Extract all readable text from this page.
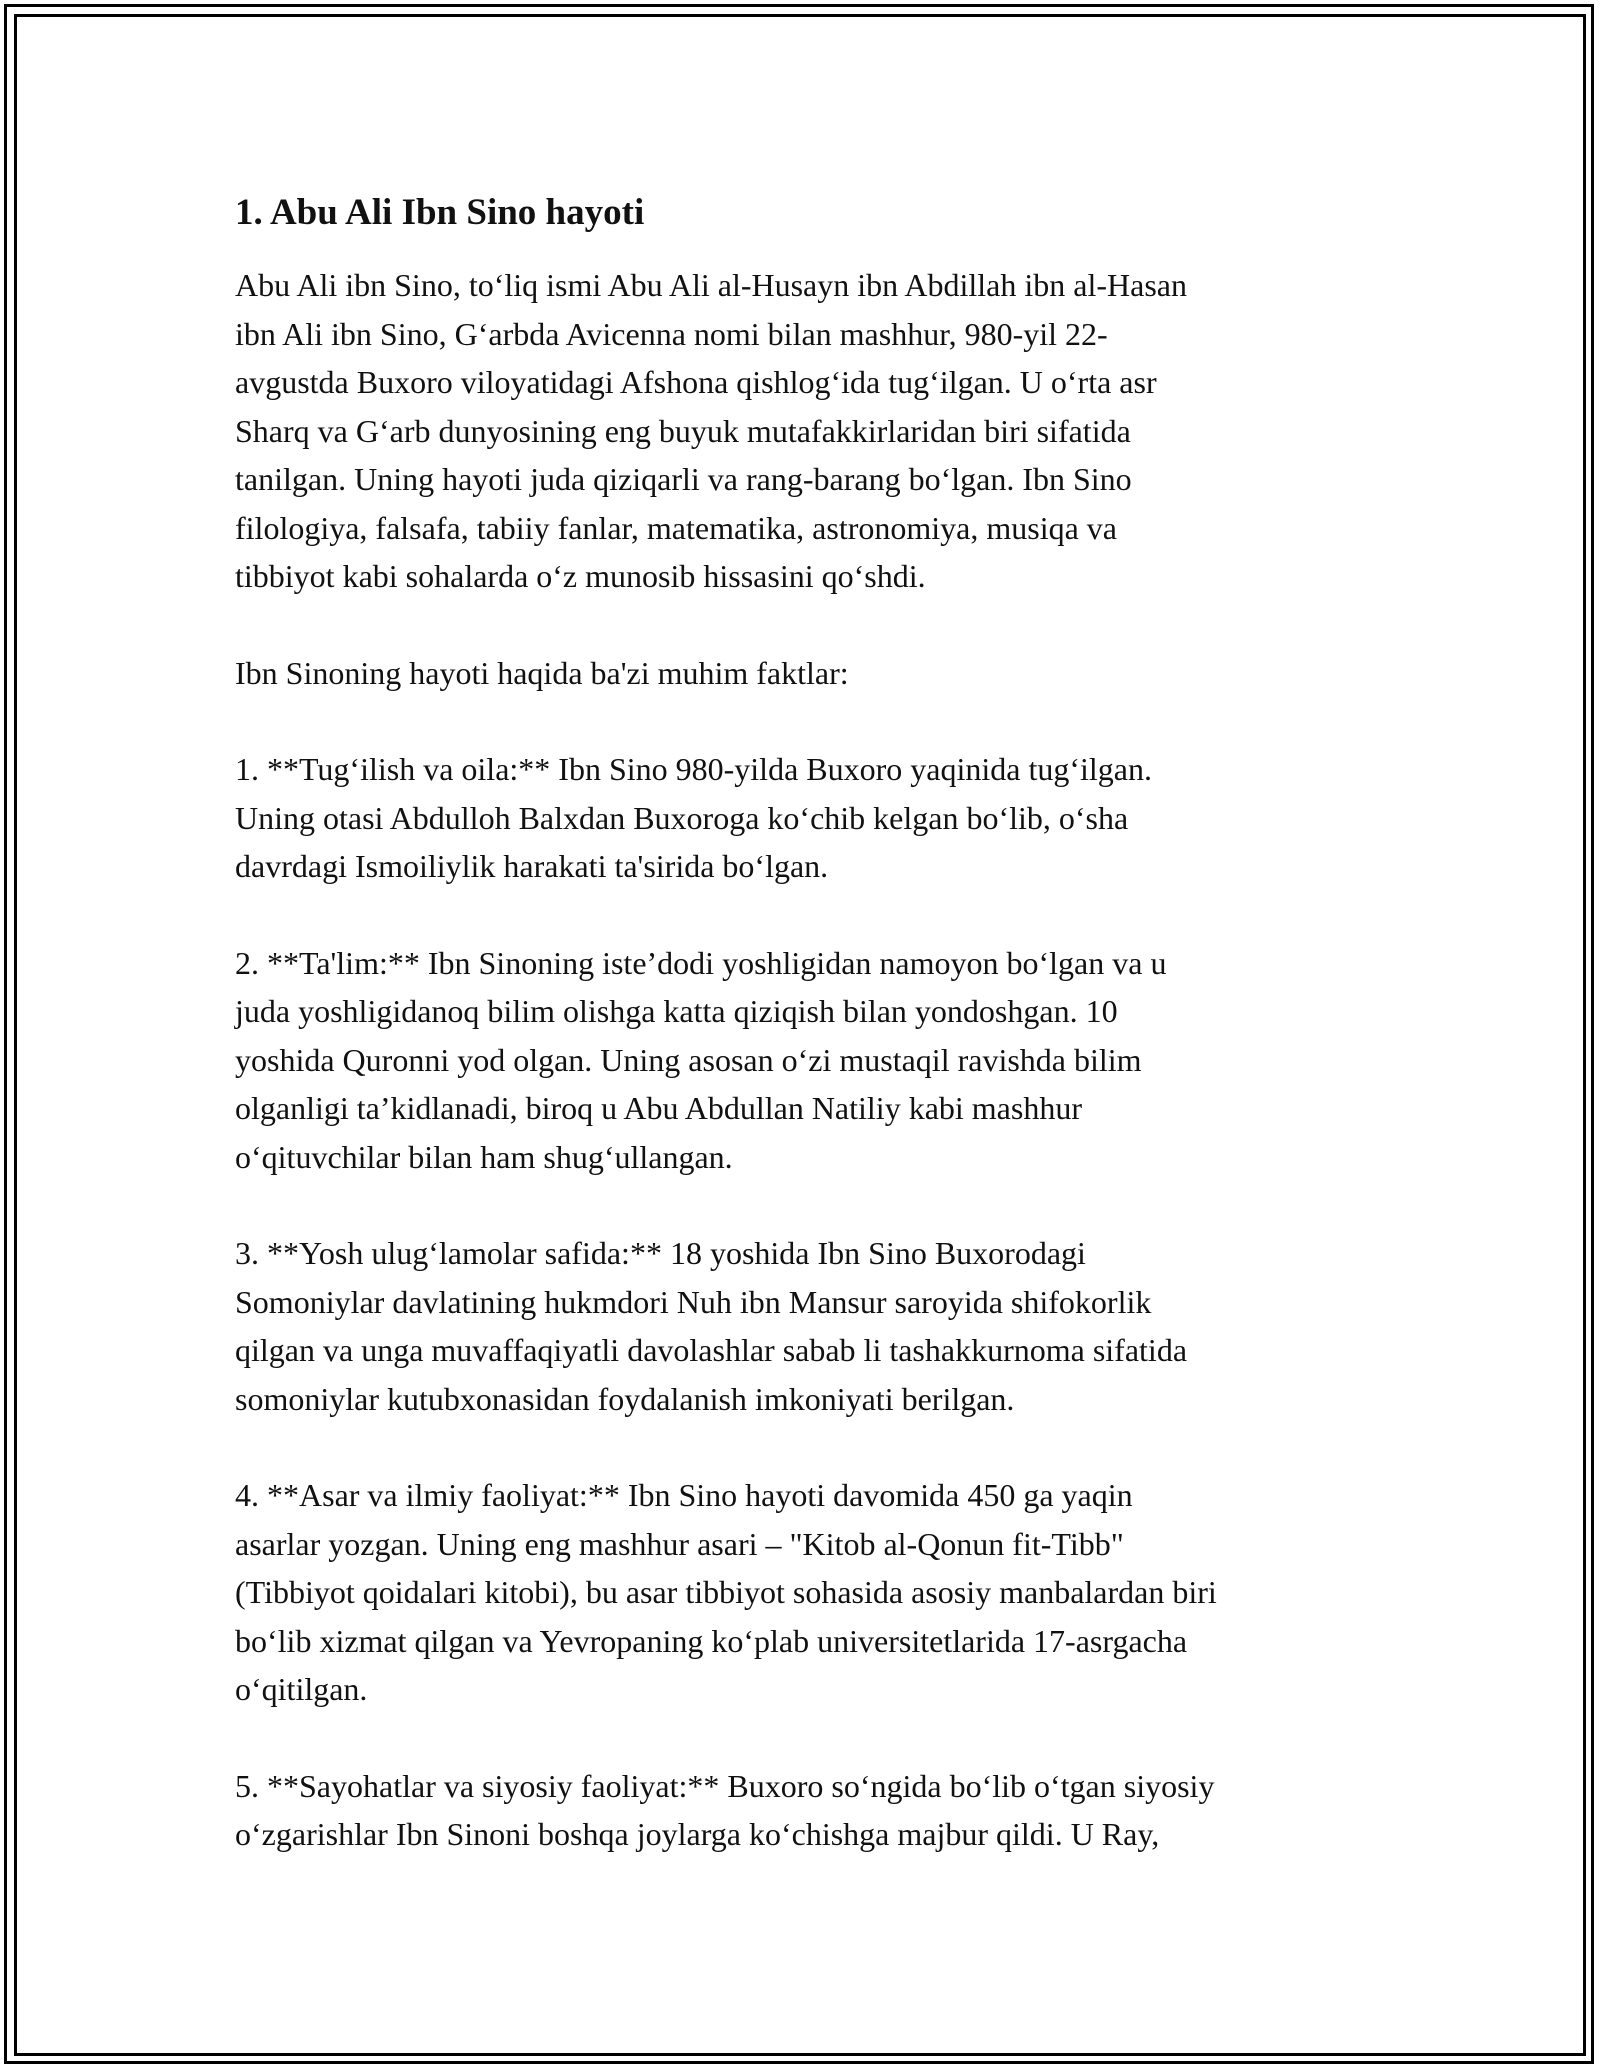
1. Abu Ali Ibn Sino hayoti

Abu Ali ibn Sino, to‘liq ismi Abu Ali al-Husayn ibn Abdillah ibn al-Hasan
ibn Ali ibn Sino, G‘arbda Avicenna nomi bilan mashhur, 980-yil 22-
avgustda Buxoro viloyatidagi Afshona qishlog‘ida tug‘ilgan. U o‘rta asr
Sharq va G‘arb dunyosining eng buyuk mutafakkirlaridan biri sifatida
tanilgan. Uning hayoti juda qiziqarli va rang-barang bo‘lgan. Ibn Sino
filologiya, falsafa, tabiiy fanlar, matematika, astronomiya, musiqa va
tibbiyot kabi sohalarda o‘z munosib hissasini qo‘shdi.

Ibn Sinoning hayoti haqida ba'zi muhim faktlar:

1. **Tug‘ilish va oila:** Ibn Sino 980-yilda Buxoro yaqinida tug‘ilgan.
Uning otasi Abdulloh Balxdan Buxoroga ko‘chib kelgan bo‘lib, o‘sha
davrdagi Ismoiliylik harakati ta'sirida bo‘lgan.

2. **Ta'lim:** Ibn Sinoning iste’dodi yoshligidan namoyon bo‘lgan va u
juda yoshligidanoq bilim olishga katta qiziqish bilan yondoshgan. 10
yoshida Quronni yod olgan. Uning asosan o‘zi mustaqil ravishda bilim
olganligi ta’kidlanadi, biroq u Abu Abdullan Natiliy kabi mashhur
o‘qituvchilar bilan ham shug‘ullangan.

3. **Yosh ulug‘lamolar safida:** 18 yoshida Ibn Sino Buxorodagi
Somoniylar davlatining hukmdori Nuh ibn Mansur saroyida shifokorlik
qilgan va unga muvaffaqiyatli davolashlar sabab li tashakkurnoma sifatida
somoniylar kutubxonasidan foydalanish imkoniyati berilgan.

4. **Asar va ilmiy faoliyat:** Ibn Sino hayoti davomida 450 ga yaqin
asarlar yozgan. Uning eng mashhur asari – "Kitob al-Qonun fit-Tibb"
(Tibbiyot qoidalari kitobi), bu asar tibbiyot sohasida asosiy manbalardan biri
bo‘lib xizmat qilgan va Yevropaning ko‘plab universitetlarida 17-asrgacha
o‘qitilgan.

5. **Sayohatlar va siyosiy faoliyat:** Buxoro so‘ngida bo‘lib o‘tgan siyosiy
o‘zgarishlar Ibn Sinoni boshqa joylarga ko‘chishga majbur qildi. U Ray,
